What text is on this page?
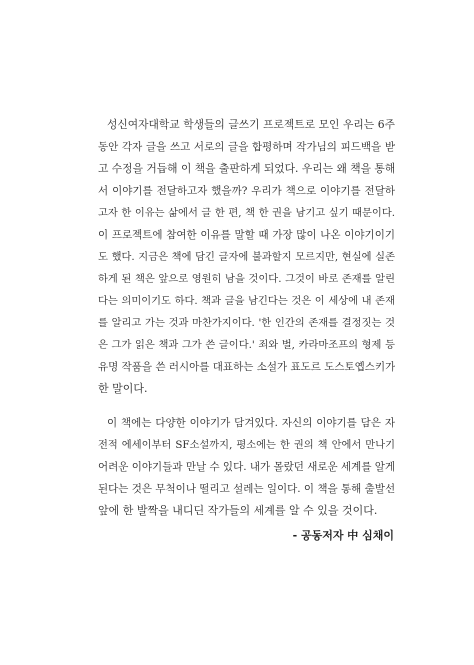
성신여자대학교 학생들의 글쓰기 프로젝트로 모인 우리는 6주
동안 각자 글을 쓰고 서로의 글을 합평하며 작가님의 피드백을 받
고 수정을 거듭해 이 책을 출판하게 되었다. 우리는 왜 책을 통해
서 이야기를 전달하고자 했을까? 우리가 책으로 이야기를 전달하
고자 한 이유는 삶에서 글 한 편, 책 한 권을 남기고 싶기 때문이다.
이 프로젝트에 참여한 이유를 말할 때 가장 많이 나온 이야기이기
도 했다. 지금은 책에 담긴 글자에 불과할지 모르지만, 현실에 실존
하게 된 책은 앞으로 영원히 남을 것이다. 그것이 바로 존재를 알린
다는 의미이기도 하다. 책과 글을 남긴다는 것은 이 세상에 내 존재
를 알리고 가는 것과 마찬가지이다. '한 인간의 존재를 결정짓는 것
은 그가 읽은 책과 그가 쓴 글이다.' 죄와 벌, 카라마조프의 형제 등
유명 작품을 쓴 러시아를 대표하는 소설가 표도르 도스토옙스키가
한 말이다.
이 책에는 다양한 이야기가 담겨있다. 자신의 이야기를 담은 자
전적 에세이부터 SF소설까지, 평소에는 한 권의 책 안에서 만나기
어려운 이야기들과 만날 수 있다. 내가 몰랐던 새로운 세계를 알게
된다는 것은 무척이나 떨리고 설레는 일이다. 이 책을 통해 출발선
앞에 한 발짝을 내디딘 작가들의 세계를 알 수 있을 것이다.

- 공동저자 中 심채이
